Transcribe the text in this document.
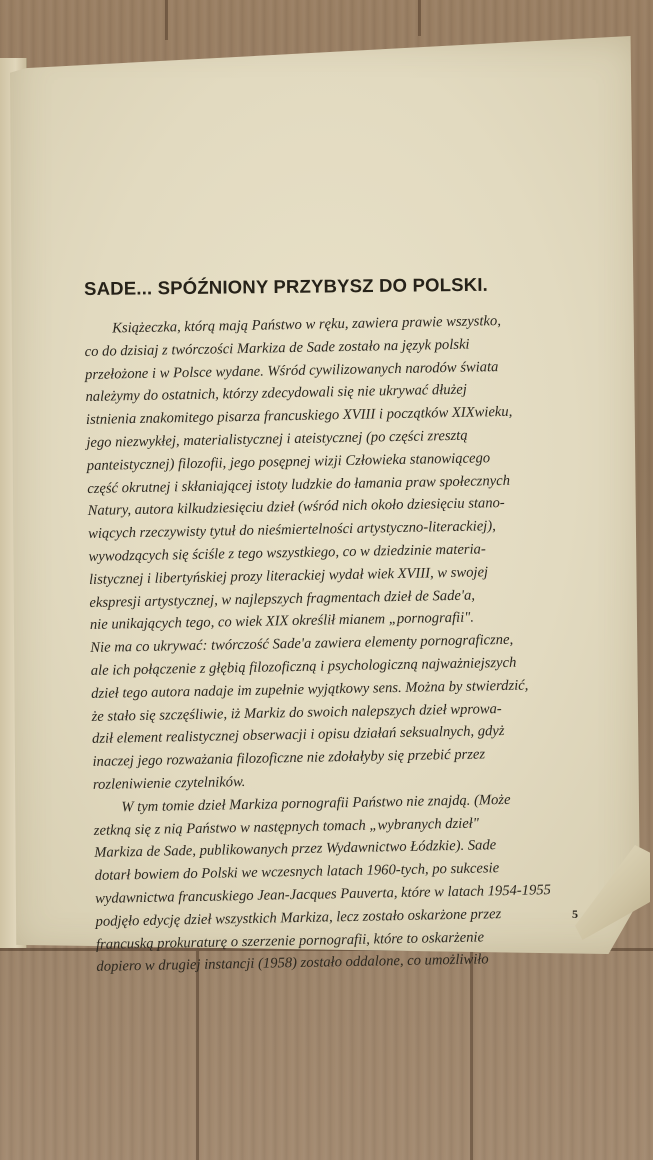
SADE... SPÓŹNIONY PRZYBYSZ DO POLSKI.
Książeczka, którą mają Państwo w ręku, zawiera prawie wszystko,
co do dzisiaj z twórczości Markiza de Sade zostało na język polski
przełożone i w Polsce wydane. Wśród cywilizowanych narodów świata
należymy do ostatnich, którzy zdecydowali się nie ukrywać dłużej
istnienia znakomitego pisarza francuskiego XVIII i początków XIXwieku,
jego niezwykłej, materialistycznej i ateistycznej (po części zresztą
panteistycznej) filozofii, jego posępnej wizji Człowieka stanowiącego
część okrutnej i skłaniającej istoty ludzkie do łamania praw społecznych
Natury, autora kilkudziesięciu dzieł (wśród nich około dziesięciu stano-
wiących rzeczywisty tytuł do nieśmiertelności artystyczno-literackiej),
wywodzących się ściśle z tego wszystkiego, co w dziedzinie materia-
listycznej i libertyńskiej prozy literackiej wydał wiek XVIII, w swojej
ekspresji artystycznej, w najlepszych fragmentach dzieł de Sade'a,
nie unikających tego, co wiek XIX określił mianem „pornografii".
Nie ma co ukrywać: twórczość Sade'a zawiera elementy pornograficzne,
ale ich połączenie z głębią filozoficzną i psychologiczną najważniejszych
dzieł tego autora nadaje im zupełnie wyjątkowy sens. Można by stwierdzić,
że stało się szczęśliwie, iż Markiz do swoich nalepszych dzieł wprowa-
dził element realistycznej obserwacji i opisu działań seksualnych, gdyż
inaczej jego rozważania filozoficzne nie zdołałyby się przebić przez
rozleniwienie czytelników.
W tym tomie dzieł Markiza pornografii Państwo nie znajdą. (Może
zetkną się z nią Państwo w następnych tomach „wybranych dzieł"
Markiza de Sade, publikowanych przez Wydawnictwo Łódzkie). Sade
dotarł bowiem do Polski we wczesnych latach 1960-tych, po sukcesie
wydawnictwa francuskiego Jean-Jacques Pauverta, które w latach 1954-1955
podjęło edycję dzieł wszystkich Markiza, lecz zostało oskarżone przez
francuską prokuraturę o szerzenie pornografii, które to oskarżenie
dopiero w drugiej instancji (1958) zostało oddalone, co umożliwiło
5
